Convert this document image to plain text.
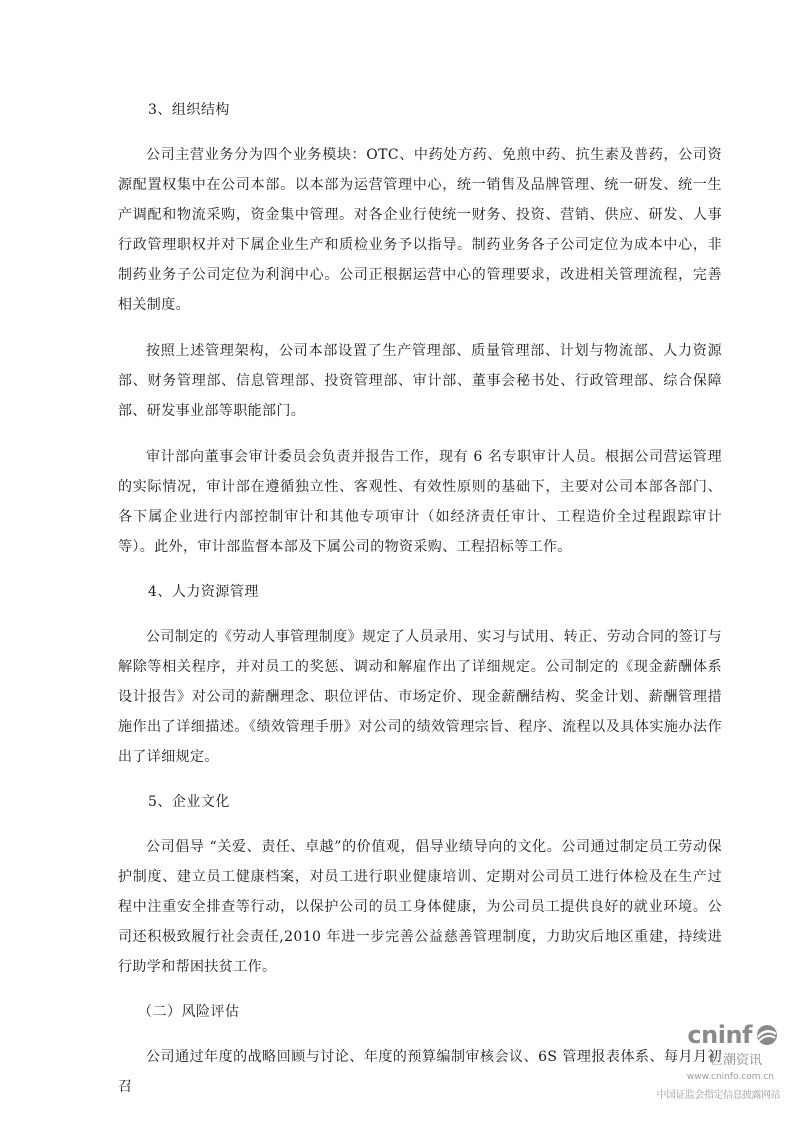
3、组织结构

公司主营业务分为四个业务模块：OTC、中药处方药、免煎中药、抗生素及普药，公司资源配置权集中在公司本部。以本部为运营管理中心，统一销售及品牌管理、统一研发、统一生产调配和物流采购，资金集中管理。对各企业行使统一财务、投资、营销、供应、研发、人事行政管理职权并对下属企业生产和质检业务予以指导。制药业务各子公司定位为成本中心，非制药业务子公司定位为利润中心。公司正根据运营中心的管理要求，改进相关管理流程，完善相关制度。

按照上述管理架构，公司本部设置了生产管理部、质量管理部、计划与物流部、人力资源部、财务管理部、信息管理部、投资管理部、审计部、董事会秘书处、行政管理部、综合保障部、研发事业部等职能部门。

审计部向董事会审计委员会负责并报告工作，现有 6 名专职审计人员。根据公司营运管理的实际情况，审计部在遵循独立性、客观性、有效性原则的基础下，主要对公司本部各部门、各下属企业进行内部控制审计和其他专项审计（如经济责任审计、工程造价全过程跟踪审计等）。此外，审计部监督本部及下属公司的物资采购、工程招标等工作。

4、人力资源管理

公司制定的《劳动人事管理制度》规定了人员录用、实习与试用、转正、劳动合同的签订与解除等相关程序，并对员工的奖惩、调动和解雇作出了详细规定。公司制定的《现金薪酬体系设计报告》对公司的薪酬理念、职位评估、市场定价、现金薪酬结构、奖金计划、薪酬管理措施作出了详细描述。《绩效管理手册》对公司的绩效管理宗旨、程序、流程以及具体实施办法作出了详细规定。

5、企业文化

公司倡导 “关爱、责任、卓越”的价值观，倡导业绩导向的文化。公司通过制定员工劳动保护制度、建立员工健康档案，对员工进行职业健康培训、定期对公司员工进行体检及在生产过程中注重安全排查等行动，以保护公司的员工身体健康，为公司员工提供良好的就业环境。公司还积极致履行社会责任,2010 年进一步完善公益慈善管理制度，力助灾后地区重建，持续进行助学和帮困扶贫工作。

（二）风险评估

公司通过年度的战略回顾与讨论、年度的预算编制审核会议、6S 管理报表体系、每月月初召

cninf
巨潮资讯
www.cninfo.com.cn
中国证监会指定信息披露网站
